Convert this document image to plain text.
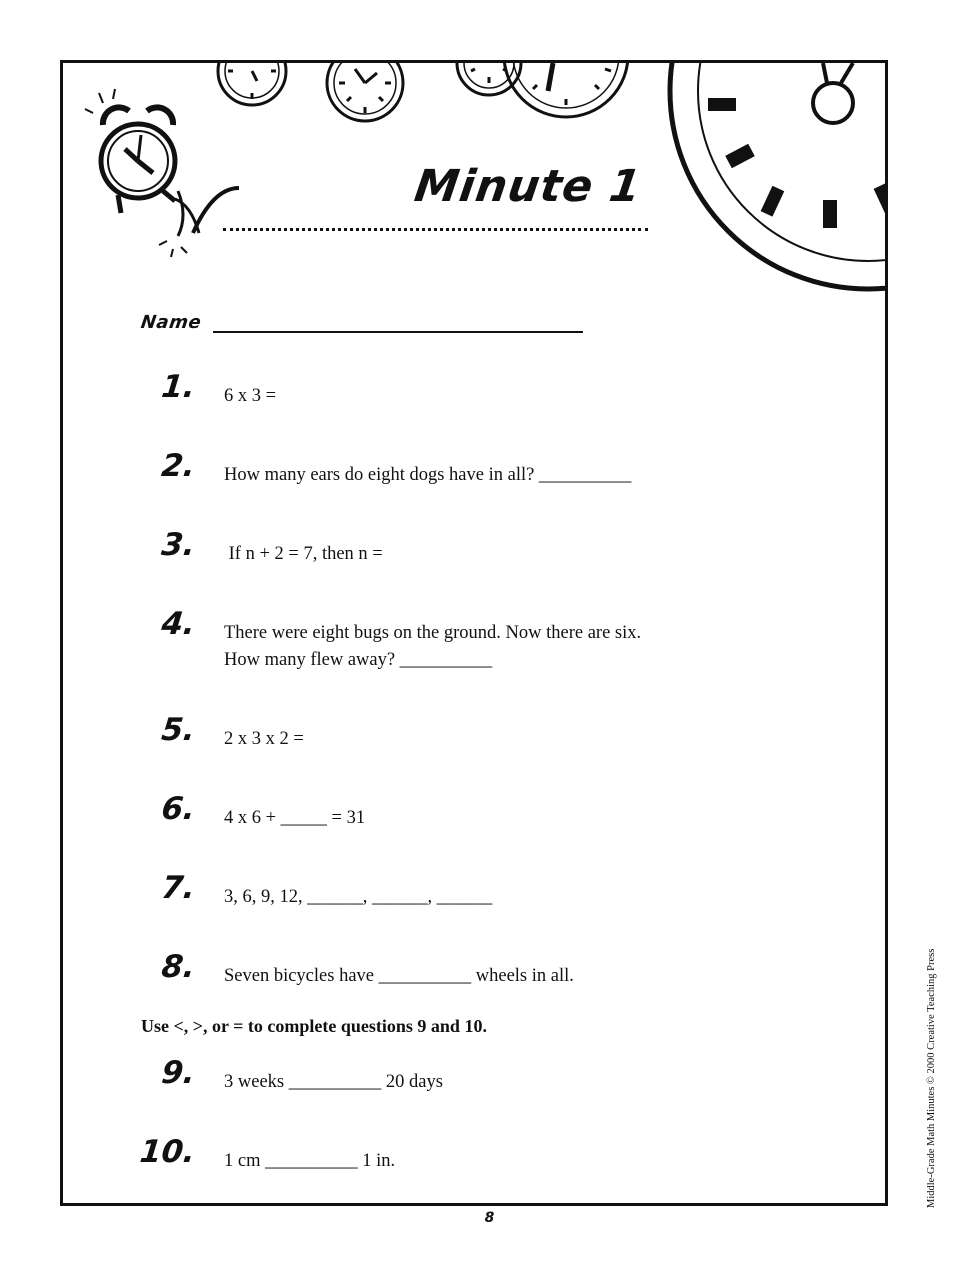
Minute 1
Name
1. 6 x 3 =
2. How many ears do eight dogs have in all? __________
3. If n + 2 = 7, then n =
4. There were eight bugs on the ground. Now there are six.
How many flew away? __________
5. 2 x 3 x 2 =
6. 4 x 6 + _____ = 31
7. 3, 6, 9, 12, ______, ______, ______
8. Seven bicycles have __________ wheels in all.
9. 3 weeks __________ 20 days
10. 1 cm __________ 1 in.
Use <, >, or = to complete questions 9 and 10.
8
Middle-Grade Math Minutes © 2000 Creative Teaching Press
